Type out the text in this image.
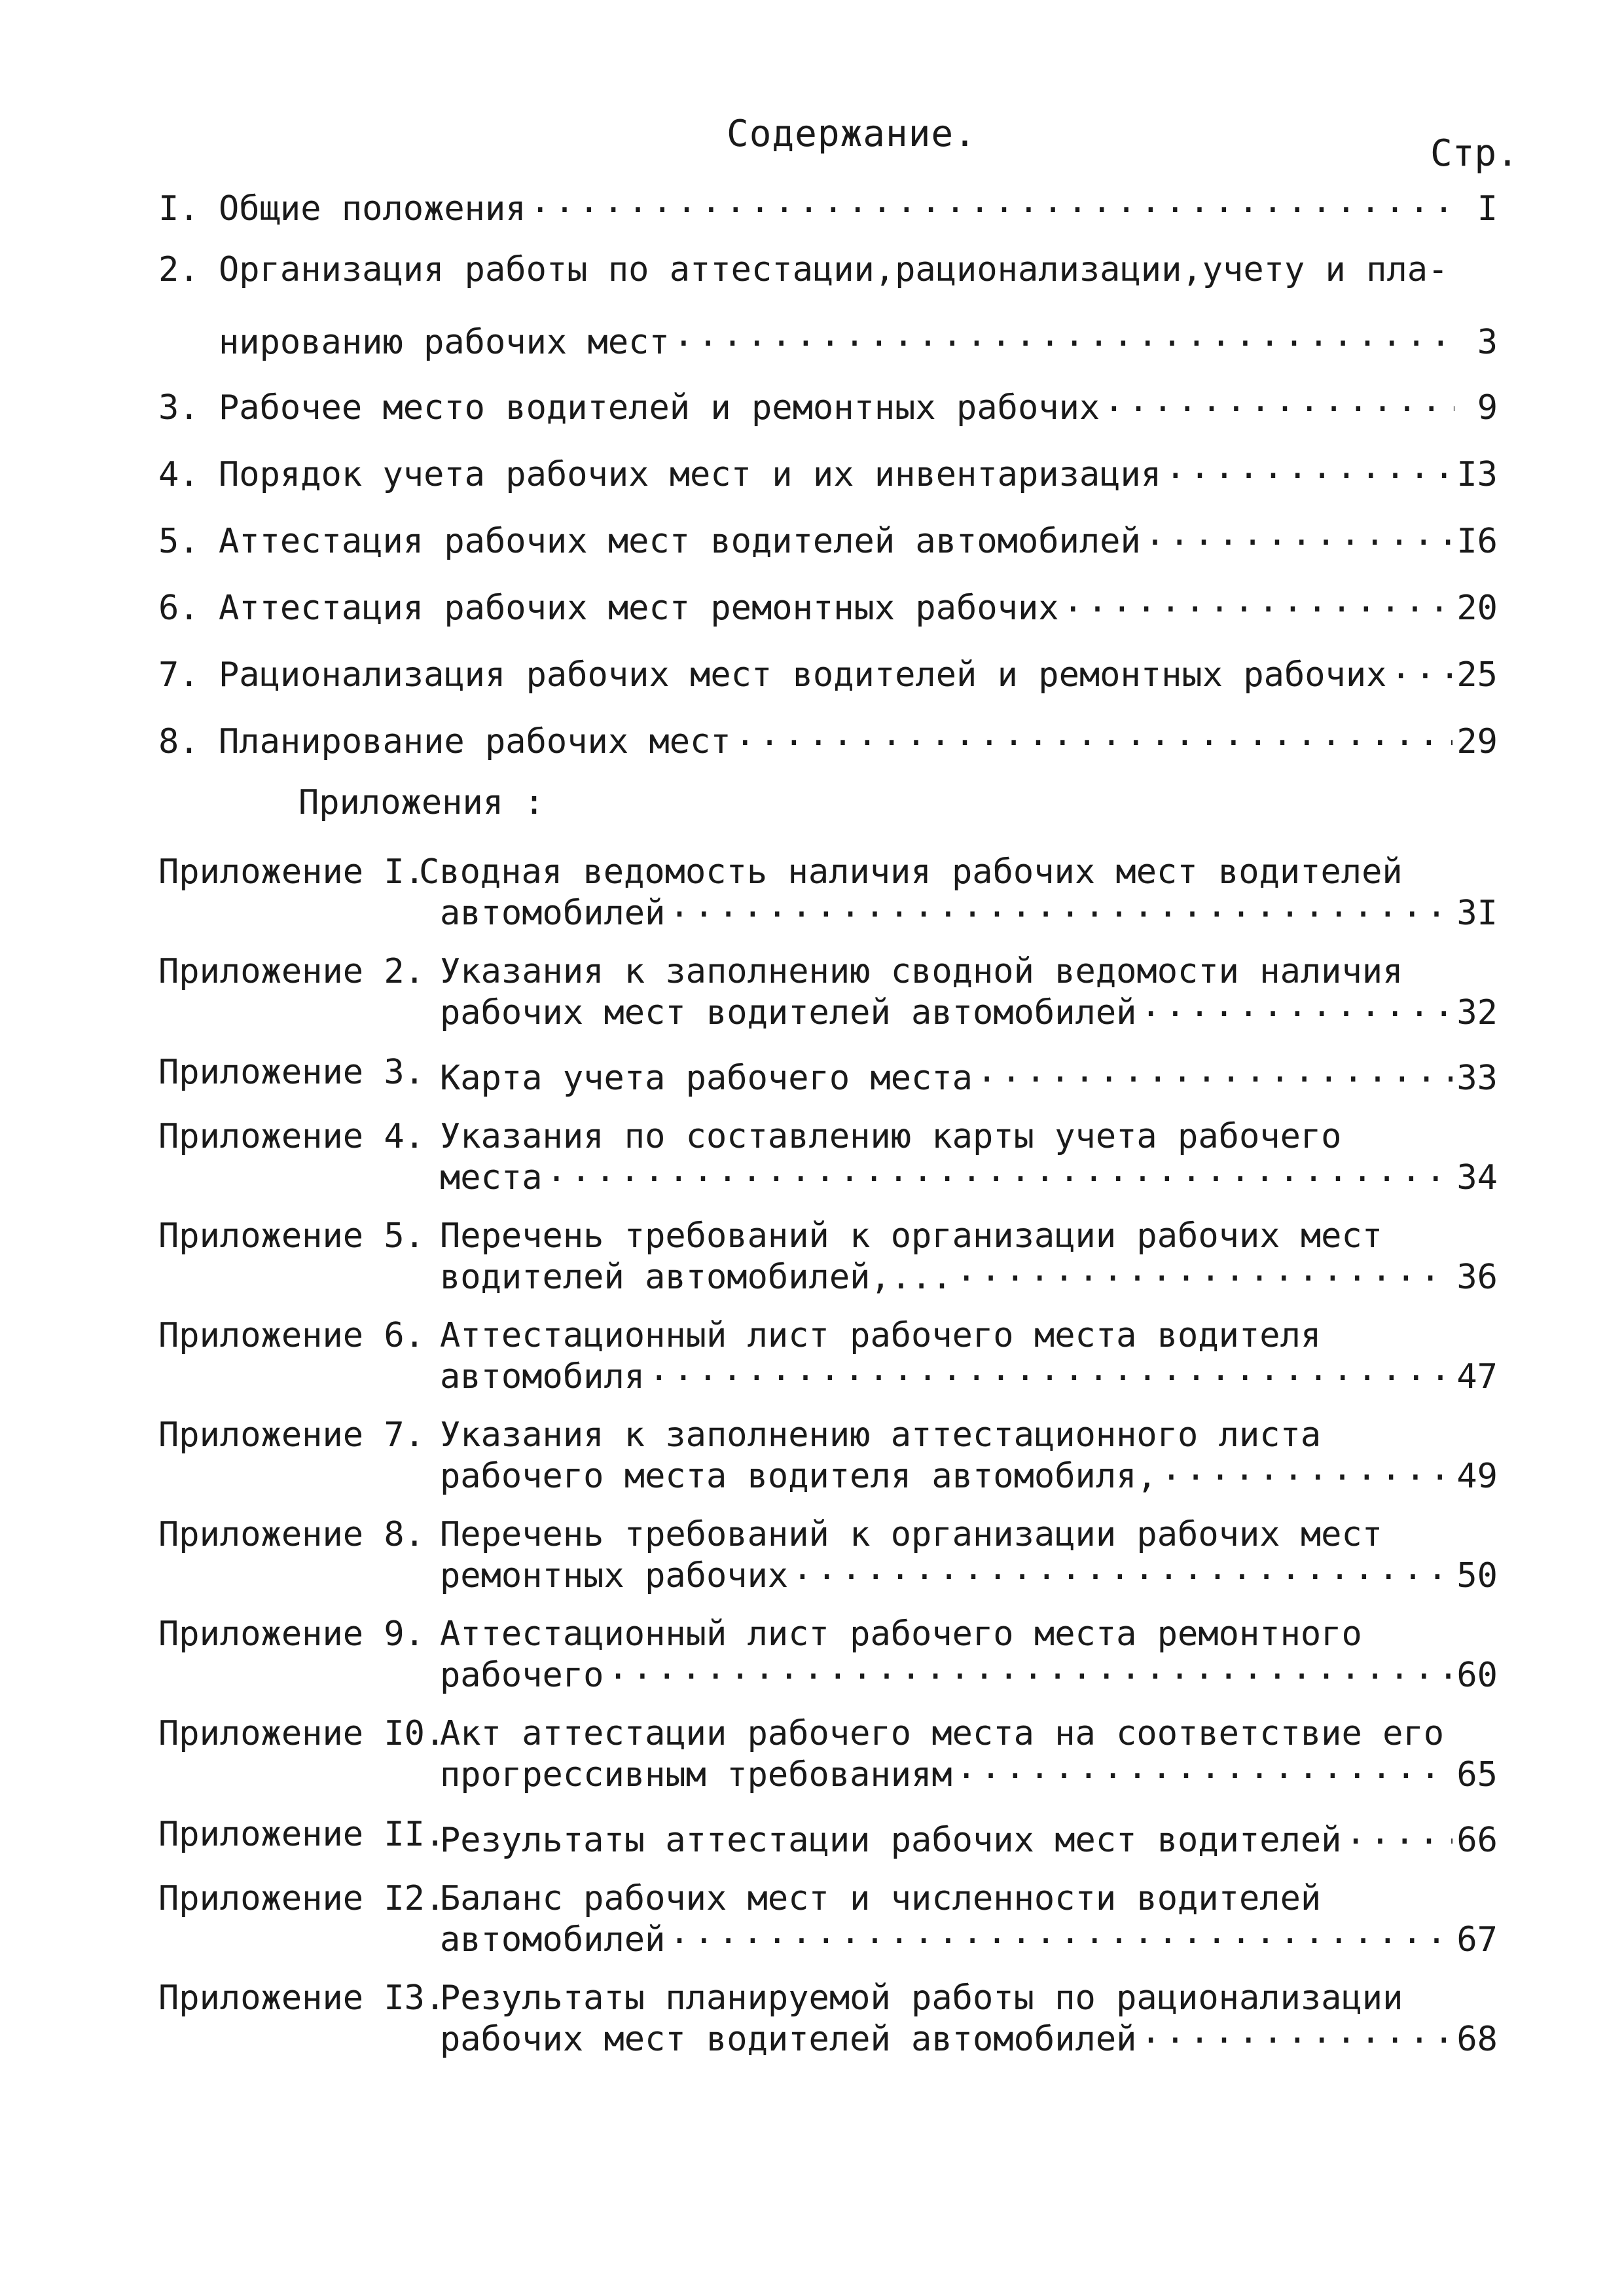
Содержание.	Стр.
I. Общие положения .....	I
2. Организация работы по аттестации,рационализации,учету и пла-
нированию рабочих мест .....	3
3. Рабочее место водителей и ремонтных рабочих .....	9
4. Порядок учета рабочих мест и их инвентаризация .....	I3
5. Аттестация рабочих мест водителей автомобилей .....	I6
6. Аттестация рабочих мест ремонтных рабочих .....	20
7. Рационализация рабочих мест водителей и ремонтных рабочих ..... 25
8. Планирование рабочих мест .....	29
Приложения :
Приложение I.
Сводная ведомость наличия рабочих мест водителей
автомобилей .....	3I
Приложение 2. Указания к заполнению сводной ведомости наличия
рабочих мест водителей автомобилей .....	32
Приложение 3. Карта учета рабочего места .....	33
Приложение 4. Указания по составлению карты учета рабочего
места .....	34
Приложение 5. Перечень требований к организации рабочих мест
водителей автомобилей,... .....	36
Приложение 6. Аттестационный лист рабочего места водителя
автомобиля .....	47
Приложение 7. Указания к заполнению аттестационного листа
рабочего места водителя автомобиля, .....	49
Приложение 8. Перечень требований к организации рабочих мест
ремонтных рабочих .....	50
Приложение 9. Аттестационный лист рабочего места ремонтного
рабочего .....	60
Приложение I0.
Акт аттестации рабочего места на соответствие его
прогрессивным требованиям .....	65
Приложение II.
Результаты аттестации рабочих мест водителей .....	66
Приложение I2.
Баланс рабочих мест и численности водителей
автомобилей .....	67
Приложение I3.
Результаты планируемой работы по рационализации
рабочих мест водителей автомобилей .....	68
